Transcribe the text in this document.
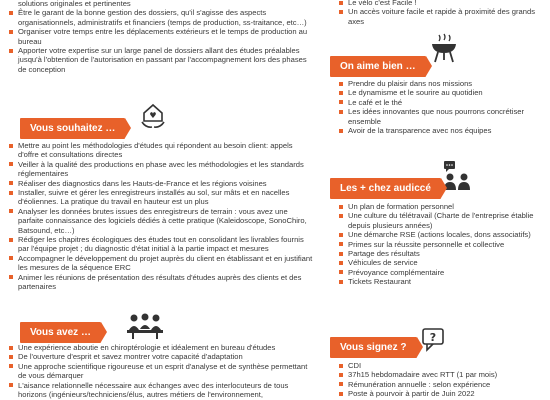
solutions originales et pertinentes
Être le garant de la bonne gestion des dossiers, qu'il s'agisse des aspects organisationnels, administratifs et financiers (temps de production, ss-traitance, etc…)
Organiser votre temps entre les déplacements extérieurs et le temps de production au bureau
Apporter votre expertise sur un large panel de dossiers allant des études préalables jusqu'à l'obtention de l'autorisation en passant par l'accompagnement lors des phases de conception
Vous souhaitez …
♥
Mettre au point les méthodologies d'études qui répondent au besoin client: appels d'offre et consultations directes
Veiller à la qualité des productions en phase avec les méthodologies et les standards réglementaires
Réaliser des diagnostics dans les Hauts-de-France et les régions voisines
Installer, suivre et gérer les enregistreurs installés au sol, sur mâts et en nacelles d'éoliennes. La pratique du travail en hauteur est un plus
Analyser les données brutes issues des enregistreurs de terrain : vous avez une parfaite connaissance des logiciels dédiés à cette pratique (Kaleidoscope, SonoChiro, Batsound, etc…)
Rédiger les chapitres écologiques des études tout en consolidant les livrables fournis par l'équipe projet ; du diagnostic d'état initial à la partie impact et mesures
Accompagner le développement du projet auprès du client en établissant et en justifiant les mesures de la séquence ERC
Animer les réunions de présentation des résultats d'études auprès des clients et des partenaires
Vous avez …
Une expérience aboutie en chiroptérologie et idéalement en bureau d'études
De l'ouverture d'esprit et savez montrer votre capacité d'adaptation
Une approche scientifique rigoureuse et un esprit d'analyse et de synthèse permettant de vous démarquer
L'aisance relationnelle nécessaire aux échanges avec des interlocuteurs de tous horizons (ingénieurs/techniciens/élus, autres métiers de l'environnement,
Le vélo c'est Facile !
Un accès voiture facile et rapide à proximité des grands axes
On aime bien …
Prendre du plaisir dans nos missions
Le dynamisme et le sourire au quotidien
Le café et le thé
Les idées innovantes que nous pourrons concrétiser ensemble
Avoir de la transparence avec nos équipes
Les + chez audiccé
Un plan de formation personnel
Une culture du télétravail (Charte de l'entreprise établie depuis plusieurs années)
Une démarche RSE (actions locales, dons associatifs)
Primes sur la réussite personnelle et collective
Partage des résultats
Véhicules de service
Prévoyance complémentaire
Tickets Restaurant
Vous signez ?
?
CDI
37h15 hebdomadaire avec RTT (1 par mois)
Rémunération annuelle : selon expérience
Poste à pourvoir à partir de Juin 2022
